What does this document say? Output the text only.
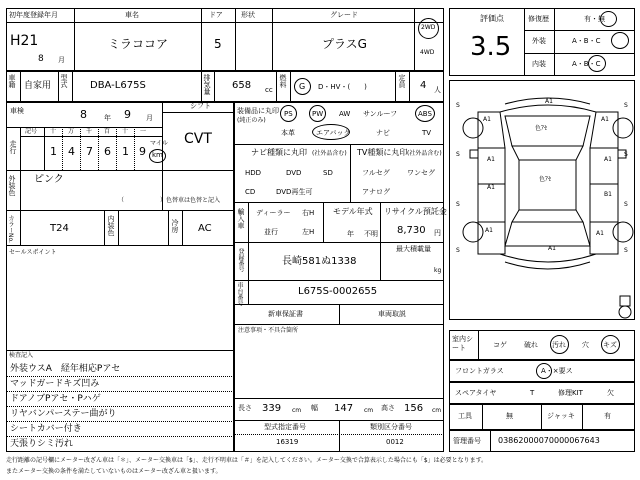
初年度登録年月	車名	ドア	形状	グレード
H21
8 月
ミラココア	5	プラスG
2WD
4WD
車籍 自家用 型式 DBA-L675S	排気量 658 cc
燃料 G D・HV・(　　)	定員 4 人
車検	8 年 9 月
シフト
CVT
走行
記号 十 万 千 百 十 一
1 4 7 6 1 9
マイル
km
外装色 ピンク
（　　　　　　）色替車は色替と記入
カラーNo.	T24	内装色	冷房 AC
セールスポイント
検査記入
外装ウスA　経年相応Pアセ
マッドガードキズ凹み
ドアノブPアセ・Pハゲ
リヤバンパーステー曲がり
シートカバー付き
天張りシミ汚れ
装備品に丸印
(純正のみ)
PS	PW AW サンルーフ	ABS
本革	エアバック	ナビ	TV
ナビ種類に丸印 (社外品含む)
HDD	DVD	SD
CD	DVD再生可
TV種類に丸印 (社外品含む)
フルセグ ワンセグ
アナログ
輸入車 ディーラー
並行
右H
左H
モデル年式
年 不明
リサイクル預託金
8,730 円
登録番号	長崎581ぬ1338
最大積載量
kg
車台番号	L675S-0002655
新車保証書	車両取説
注意事項・不具合箇所
長さ 339 cm 幅 147 cm 高さ 156 cm
型式指定番号
16319
類別区分番号
0012
評価点
3.5
修復歴	有・無
外装	A・B・C
内装	A・B・C
A1
A1	A1
色ｱｾ
A1	A1
A1
色ｱｾ
B1
A1	A1
A1
S	S
S	S
S	S
S	S
室内シート	コゲ 破れ 汚れ 穴 キズ
フロントガラス	A・×要ス
スペアタイヤ	T	修理KIT	欠
工具	無	ジャッキ	有
管理番号 03862000070000067643
走行距離の記号欄にメーター改ざん車は「＊」、メーター交換車は「$」、走行不明車は「＃」を記入してください。メーター交換で合算表示した場合にも「$」は必要となります。
またメーター交換の条件を満たしていないものはメーター改ざん車と扱います。
